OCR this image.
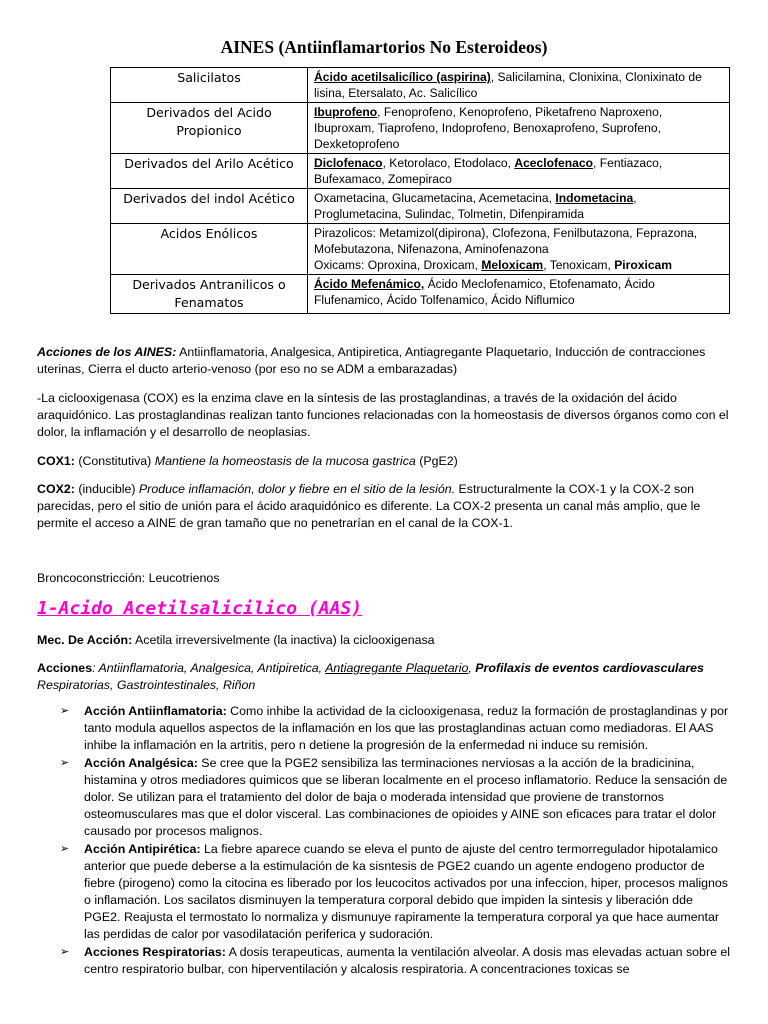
AINES (Antiinflamartorios No Esteroideos)
Salicilatos	Ácido acetilsalicílico (aspirina), Salicilamina, Clonixina, Clonixinato de lisina, Etersalato, Ac. Salicílico
Derivados del Acido Propionico	Ibuprofeno, Fenoprofeno, Kenoprofeno, Piketafreno Naproxeno, Ibuproxam, Tiaprofeno, Indoprofeno, Benoxaprofeno, Suprofeno, Dexketoprofeno
Derivados del Arilo Acético	Diclofenaco, Ketorolaco, Etodolaco, Aceclofenaco, Fentiazaco, Bufexamaco, Zomepiraco
Derivados del indol Acético	Oxametacina, Glucametacina, Acemetacina, Indometacina, Proglumetacina, Sulindac, Tolmetin, Difenpiramida
Acidos Enólicos	Pirazolicos: Metamizol(dipirona), Clofezona, Fenilbutazona, Feprazona, Mofebutazona, Nifenazona, Aminofenazona
Oxicams: Oproxina, Droxicam, Meloxicam, Tenoxicam, Piroxicam

Derivados Antranilicos o Fenamatos	Ácido Mefenámico, Ácido Meclofenamico, Etofenamato, Ácido Flufenamico, Ácido Tolfenamico, Ácido Niflumico
Acciones de los AINES: Antiinflamatoria, Analgesica, Antipiretica, Antiagregante Plaquetario, Inducción de contracciones uterinas, Cierra el ducto arterio-venoso (por eso no se ADM a embarazadas)
-La ciclooxigenasa (COX) es la enzima clave en la síntesis de las prostaglandinas, a través de la oxidación del ácido araquidónico. Las prostaglandinas realizan tanto funciones relacionadas con la homeostasis de diversos órganos como con el dolor, la inflamación y el desarrollo de neoplasias.
COX1: (Constitutiva) Mantiene la homeostasis de la mucosa gastrica (PgE2)
COX2: (inducible) Produce inflamación, dolor y fiebre en el sitio de la lesión. Estructuralmente la COX-1 y la COX-2 son parecidas, pero el sitio de unión para el ácido araquidónico es diferente. La COX-2 presenta un canal más amplio, que le permite el acceso a AINE de gran tamaño que no penetrarían en el canal de la COX-1.
Broncoconstricción: Leucotrienos
1-Acido Acetilsalicilico (AAS)
Mec. De Acción: Acetila irreversivelmente (la inactiva) la ciclooxigenasa
Acciones: Antiinflamatoria, Analgesica, Antipiretica, Antiagregante Plaquetario, Profilaxis de eventos cardiovasculares Respiratorias, Gastrointestinales, Riñon
➢ Acción Antiinflamatoria: Como inhibe la actividad de la ciclooxigenasa, reduz la formación de prostaglandinas y por tanto modula aquellos aspectos de la inflamación en los que las prostaglandinas actuan como mediadoras. El AAS inhibe la inflamación en la artritis, pero n detiene la progresión de la enfermedad ni induce su remisión.
➢ Acción Analgésica: Se cree que la PGE2 sensibiliza las terminaciones nerviosas a la acción de la bradicinina, histamina y otros mediadores quimicos que se liberan localmente en el proceso inflamatorio. Reduce la sensación de dolor. Se utilizan para el tratamiento del dolor de baja o moderada intensidad que proviene de transtornos osteomusculares mas que el dolor visceral. Las combinaciones de opioides y AINE son eficaces para tratar el dolor causado por procesos malignos.
➢ Acción Antipirética: La fiebre aparece cuando se eleva el punto de ajuste del centro termorregulador hipotalamico anterior que puede deberse a la estimulación de ka sisntesis de PGE2 cuando un agente endogeno productor de fiebre (pirogeno) como la citocina es liberado por los leucocitos activados por una infeccion, hiper, procesos malignos o inflamación. Los sacilatos disminuyen la temperatura corporal debido que impiden la sintesis y liberación dde PGE2. Reajusta el termostato lo normaliza y dismunuye rapiramente la temperatura corporal ya que hace aumentar las perdidas de calor por vasodilatación periferica y sudoración.
➢ Acciones Respiratorias: A dosis terapeuticas, aumenta la ventilación alveolar. A dosis mas elevadas actuan sobre el centro respiratorio bulbar, con hiperventilación y alcalosis respiratoria. A concentraciones toxicas se
